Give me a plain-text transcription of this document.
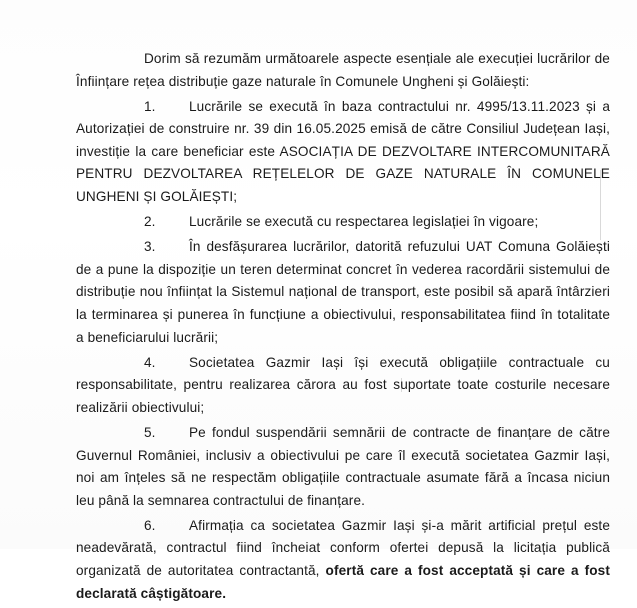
Dorim să rezumăm următoarele aspecte esențiale ale execuției lucrărilor de Înființare rețea distribuție gaze naturale în Comunele Ungheni și Golăiești:

1.	Lucrările se execută în baza contractului nr. 4995/13.11.2023 și a Autorizației de construire nr. 39 din 16.05.2025 emisă de către Consiliul Județean Iași, investiție la care beneficiar este ASOCIAȚIA DE DEZVOLTARE INTERCOMUNITARĂ PENTRU DEZVOLTAREA REȚELELOR DE GAZE NATURALE ÎN COMUNELE UNGHENI ȘI GOLĂIEȘTI;
2.	Lucrările se execută cu respectarea legislației în vigoare;
3.	În desfășurarea lucrărilor, datorită refuzului UAT Comuna Golăiești de a pune la dispoziție un teren determinat concret în vederea racordării sistemului de distribuție nou înființat la Sistemul național de transport, este posibil să apară întârzieri la terminarea și punerea în funcțiune a obiectivului, responsabilitatea fiind în totalitate a beneficiarului lucrării;
4.	Societatea Gazmir Iași își execută obligațiile contractuale cu responsabilitate, pentru realizarea cărora au fost suportate toate costurile necesare realizării obiectivului;
5.	Pe fondul suspendării semnării de contracte de finanțare de către Guvernul României, inclusiv a obiectivului pe care îl execută societatea Gazmir Iași, noi am înțeles să ne respectăm obligațiile contractuale asumate fără a încasa niciun leu până la semnarea contractului de finanțare.
6.	Afirmația ca societatea Gazmir Iași și-a mărit artificial prețul este neadevărată, contractul fiind încheiat conform ofertei depusă la licitația publică organizată de autoritatea contractantă, ofertă care a fost acceptată și care a fost declarată câștigătoare.
